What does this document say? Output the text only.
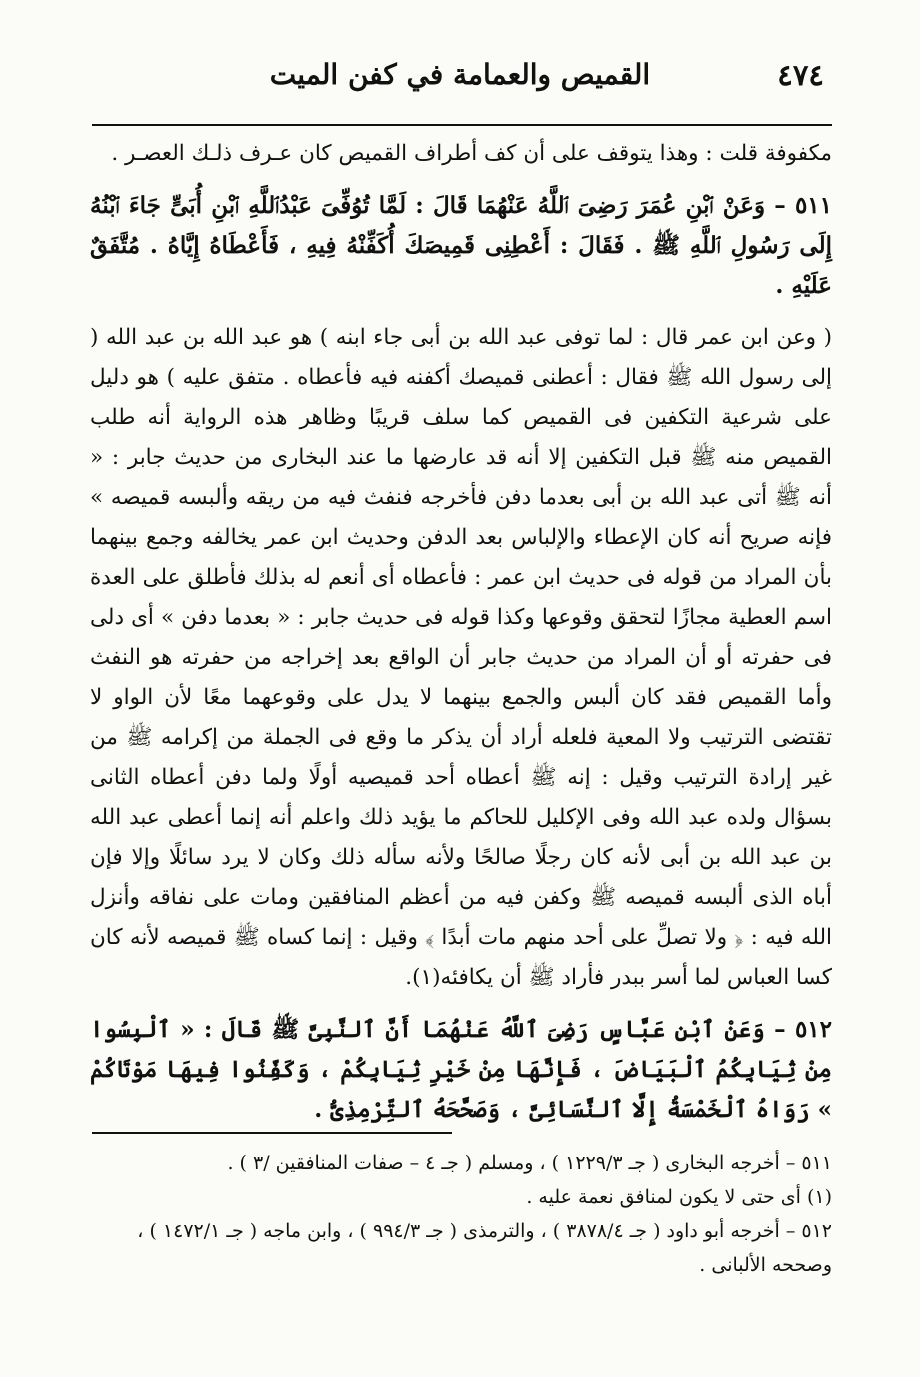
٤٧٤
القميص والعمامة في كفن الميت

مكفوفة قلت : وهذا يتوقف على أن كف أطراف القميص كان عـرف ذلـك العصـر .

٥١١ – وَعَنْ ٱبْنِ عُمَرَ رَضِىَ ٱللَّهُ عَنْهُمَا قَالَ : لَمَّا تُوُفِّىَ عَبْدُٱللَّهِ ٱبْنِ أُبَىٍّ جَاءَ ٱبْنُهُ إِلَى رَسُولِ ٱللَّهِ ﷺ . فَقَالَ : أَعْطِنِى قَمِيصَكَ أُكَفِّنْهُ فِيهِ ، فَأَعْطَاهُ إِيَّاهُ . مُتَّفَقٌ عَلَيْهِ .

( وعن ابن عمر قال : لما توفى عبد الله بن أبى جاء ابنه ) هو عبد الله بن عبد الله ( إلى رسول الله ﷺ فقال : أعطنى قميصك أكفنه فيه فأعطاه . متفق عليه ) هو دليل على شرعية التكفين فى القميص كما سلف قريبًا وظاهر هذه الرواية أنه طلب القميص منه ﷺ قبل التكفين إلا أنه قد عارضها ما عند البخارى من حديث جابر : « أنه ﷺ أتى عبد الله بن أبى بعدما دفن فأخرجه فنفث فيه من ريقه وألبسه قميصه » فإنه صريح أنه كان الإعطاء والإلباس بعد الدفن وحديث ابن عمر يخالفه وجمع بينهما بأن المراد من قوله فى حديث ابن عمر : فأعطاه أى أنعم له بذلك فأطلق على العدة اسم العطية مجازًا لتحقق وقوعها وكذا قوله فى حديث جابر : « بعدما دفن » أى دلى فى حفرته أو أن المراد من حديث جابر أن الواقع بعد إخراجه من حفرته هو النفث وأما القميص فقد كان ألبس والجمع بينهما لا يدل على وقوعهما معًا لأن الواو لا تقتضى الترتيب ولا المعية فلعله أراد أن يذكر ما وقع فى الجملة من إكرامه ﷺ من غير إرادة الترتيب وقيل : إنه ﷺ أعطاه أحد قميصيه أولًا ولما دفن أعطاه الثانى بسؤال ولده عبد الله وفى الإكليل للحاكم ما يؤيد ذلك واعلم أنه إنما أعطى عبد الله بن عبد الله بن أبى لأنه كان رجلًا صالحًا ولأنه سأله ذلك وكان لا يرد سائلًا وإلا فإن أباه الذى ألبسه قميصه ﷺ وكفن فيه من أعظم المنافقين ومات على نفاقه وأنزل الله فيه : ﴿ ولا تصلِّ على أحد منهم مات أبدًا ﴾ وقيل : إنما كساه ﷺ قميصه لأنه كان كسا العباس لما أسر ببدر فأراد ﷺ أن يكافئه(١).

٥١٢ – وَعَنْ ٱبْنِ عَبَّاسٍ رَضِىَ ٱللَّهُ عَنْهُمَا أَنَّ ٱلنَّبِىَّ ﷺ قَالَ : « ٱلْبِسُوا مِنْ ثِيَابِكُمُ ٱلْبَيَاضَ ، فَإِنَّهَا مِنْ خَيْرِ ثِيَابِكُمْ ، وَكَفِّنُوا فِيهَا مَوْتَاكُمْ » رَوَاهُ ٱلْخَمْسَةُ إِلَّا ٱلنَّسَائِىَّ ، وَصَحَّحَهُ ٱلتِّرْمِذِىُّ .

٥١١ – أخرجه البخارى ( جـ ١٢٢٩/٣ ) ، ومسلم ( جـ ٤ – صفات المنافقين /٣ ) .

(١) أى حتى لا يكون لمنافق نعمة عليه .

٥١٢ – أخرجه أبو داود ( جـ ٣٨٧٨/٤ ) ، والترمذى ( جـ ٩٩٤/٣ ) ، وابن ماجه ( جـ ١٤٧٢/١ ) ، وصححه الألبانى .
